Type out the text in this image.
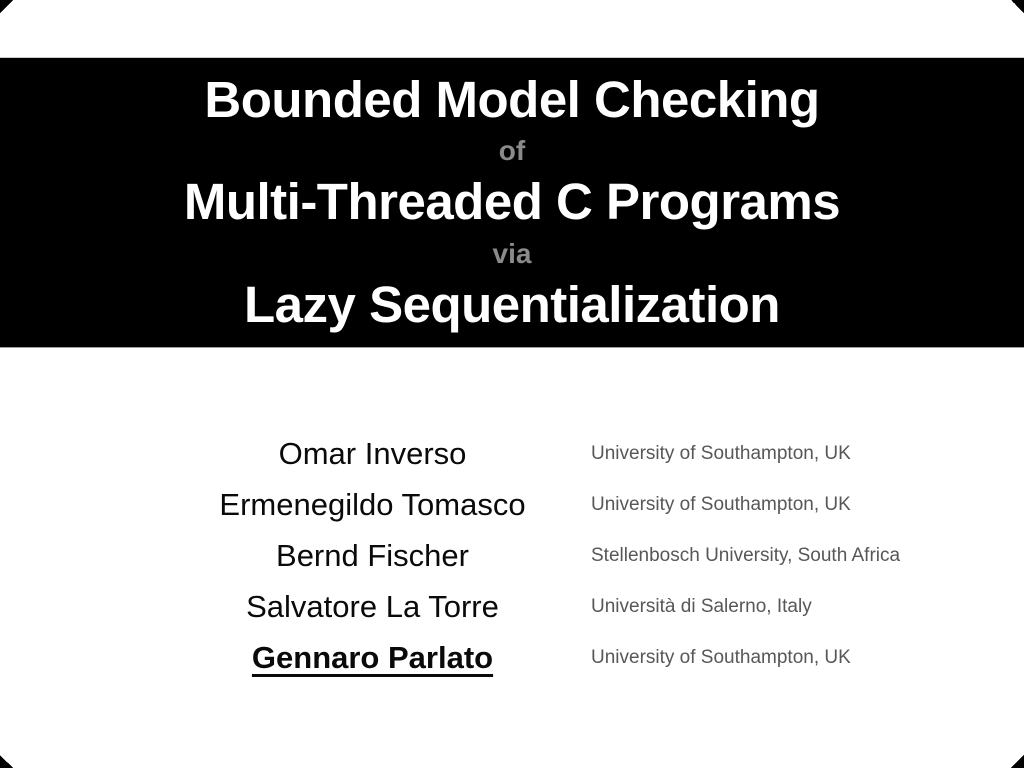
Bounded Model Checking
of
Multi-Threaded C Programs
via
Lazy Sequentialization
Omar Inverso	University of Southampton, UK
Ermenegildo Tomasco	University of Southampton, UK
Bernd Fischer	Stellenbosch University, South Africa
Salvatore La Torre	Università di Salerno, Italy
Gennaro Parlato	University of Southampton, UK
